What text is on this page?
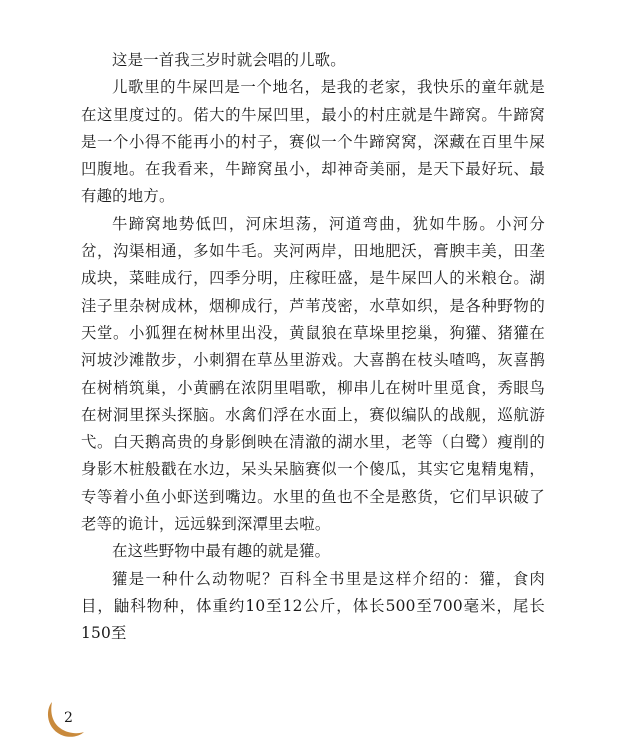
这是一首我三岁时就会唱的儿歌。

儿歌里的牛屎凹是一个地名，是我的老家，我快乐的童年就是在这里度过的。偌大的牛屎凹里，最小的村庄就是牛蹄窝。牛蹄窝是一个小得不能再小的村子，赛似一个牛蹄窝窝，深藏在百里牛屎凹腹地。在我看来，牛蹄窝虽小，却神奇美丽，是天下最好玩、最有趣的地方。

牛蹄窝地势低凹，河床坦荡，河道弯曲，犹如牛肠。小河分岔，沟渠相通，多如牛毛。夹河两岸，田地肥沃，膏腴丰美，田垄成块，菜畦成行，四季分明，庄稼旺盛，是牛屎凹人的米粮仓。湖洼子里杂树成林，烟柳成行，芦苇茂密，水草如织，是各种野物的天堂。小狐狸在树林里出没，黄鼠狼在草垛里挖巢，狗獾、猪獾在河坡沙滩散步，小刺猬在草丛里游戏。大喜鹊在枝头喳鸣，灰喜鹊在树梢筑巢，小黄鹂在浓阴里唱歌，柳串儿在树叶里觅食，秀眼鸟在树洞里探头探脑。水禽们浮在水面上，赛似编队的战舰，巡航游弋。白天鹅高贵的身影倒映在清澈的湖水里，老等（白鹭）瘦削的身影木桩般戳在水边，呆头呆脑赛似一个傻瓜，其实它鬼精鬼精，专等着小鱼小虾送到嘴边。水里的鱼也不全是憨货，它们早识破了老等的诡计，远远躲到深潭里去啦。

在这些野物中最有趣的就是獾。

獾是一种什么动物呢？百科全书里是这样介绍的：獾，食肉目，鼬科物种，体重约10至12公斤，体长500至700毫米，尾长150至

2
